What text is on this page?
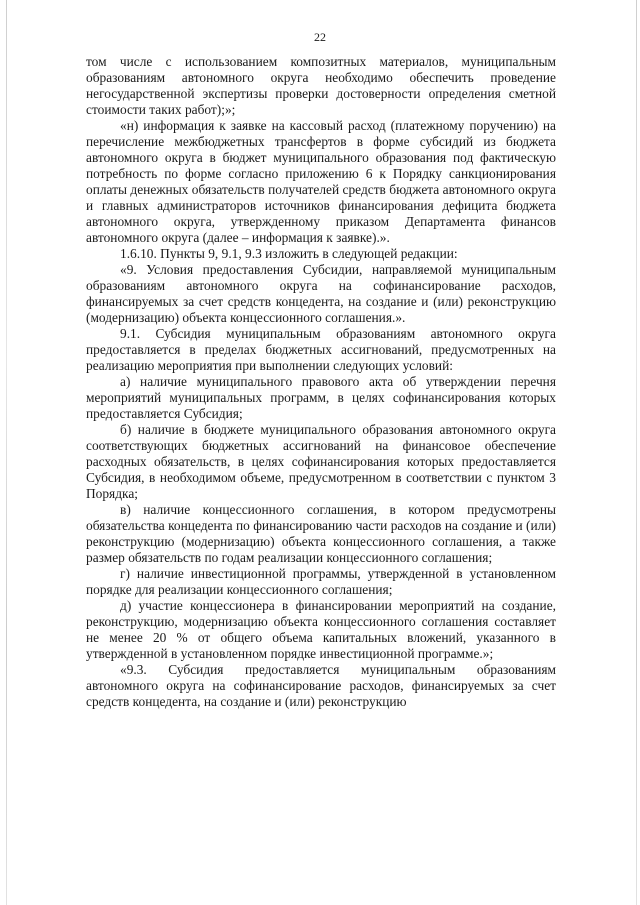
22

том числе с использованием композитных материалов, муниципальным образованиям автономного округа необходимо обеспечить проведение негосударственной экспертизы проверки достоверности определения сметной стоимости таких работ);»;

«н) информация к заявке на кассовый расход (платежному поручению) на перечисление межбюджетных трансфертов в форме субсидий из бюджета автономного округа в бюджет муниципального образования под фактическую потребность по форме согласно приложению 6 к Порядку санкционирования оплаты денежных обязательств получателей средств бюджета автономного округа и главных администраторов источников финансирования дефицита бюджета автономного округа, утвержденному приказом Департамента финансов автономного округа (далее – информация к заявке).».

1.6.10. Пункты 9, 9.1, 9.3 изложить в следующей редакции:

«9. Условия предоставления Субсидии, направляемой муниципальным образованиям автономного округа на софинансирование расходов, финансируемых за счет средств концедента, на создание и (или) реконструкцию (модернизацию) объекта концессионного соглашения.».

9.1. Субсидия муниципальным образованиям автономного округа предоставляется в пределах бюджетных ассигнований, предусмотренных на реализацию мероприятия при выполнении следующих условий:

а) наличие муниципального правового акта об утверждении перечня мероприятий муниципальных программ, в целях софинансирования которых предоставляется Субсидия;

б) наличие в бюджете муниципального образования автономного округа соответствующих бюджетных ассигнований на финансовое обеспечение расходных обязательств, в целях софинансирования которых предоставляется Субсидия, в необходимом объеме, предусмотренном в соответствии с пунктом 3 Порядка;

в) наличие концессионного соглашения, в котором предусмотрены обязательства концедента по финансированию части расходов на создание и (или) реконструкцию (модернизацию) объекта концессионного соглашения, а также размер обязательств по годам реализации концессионного соглашения;

г) наличие инвестиционной программы, утвержденной в установленном порядке для реализации концессионного соглашения;

д) участие концессионера в финансировании мероприятий на создание, реконструкцию, модернизацию объекта концессионного соглашения составляет не менее 20 % от общего объема капитальных вложений, указанного в утвержденной в установленном порядке инвестиционной программе.»;

«9.3. Субсидия предоставляется муниципальным образованиям автономного округа на софинансирование расходов, финансируемых за счет средств концедента, на создание и (или) реконструкцию
